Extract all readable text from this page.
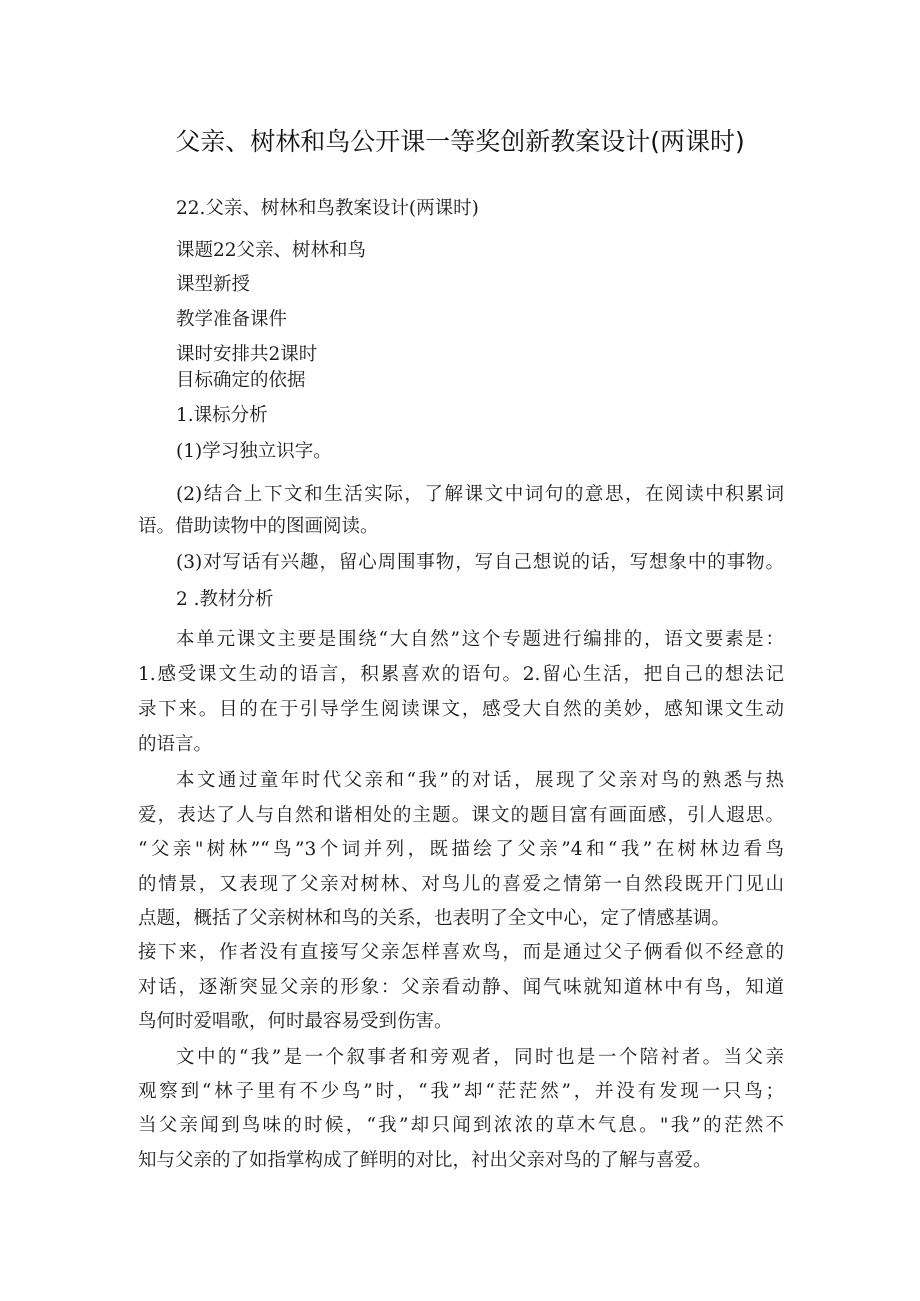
父亲、树林和鸟公开课一等奖创新教案设计(两课时)
22.父亲、树林和鸟教案设计(两课时)
课题22父亲、树林和鸟
课型新授
教学准备课件
课时安排共2课时
目标确定的依据
1.课标分析
(1)学习独立识字。
(2)结合上下文和生活实际，了解课文中词句的意思，在阅读中积累词
语。借助读物中的图画阅读。
(3)对写话有兴趣，留心周围事物，写自己想说的话，写想象中的事物。
2 .教材分析
本单元课文主要是围绕“大自然”这个专题进行编排的，语文要素是：
1.感受课文生动的语言，积累喜欢的语句。2.留心生活，把自己的想法记
录下来。目的在于引导学生阅读课文，感受大自然的美妙，感知课文生动
的语言。
本文通过童年时代父亲和“我”的对话，展现了父亲对鸟的熟悉与热
爱，表达了人与自然和谐相处的主题。课文的题目富有画面感，引人遐思。
“父亲"树林”“鸟”3个词并列，既描绘了父亲”4和“我”在树林边看鸟
的情景，又表现了父亲对树林、对鸟儿的喜爱之情第一自然段既开门见山
点题，概括了父亲树林和鸟的关系，也表明了全文中心，定了情感基调。
接下来，作者没有直接写父亲怎样喜欢鸟，而是通过父子俩看似不经意的
对话，逐渐突显父亲的形象：父亲看动静、闻气味就知道林中有鸟，知道
鸟何时爱唱歌，何时最容易受到伤害。
文中的“我”是一个叙事者和旁观者，同时也是一个陪衬者。当父亲
观察到“林子里有不少鸟”时，“我”却“茫茫然”，并没有发现一只鸟；
当父亲闻到鸟味的时候，“我”却只闻到浓浓的草木气息。"我”的茫然不
知与父亲的了如指掌构成了鲜明的对比，衬出父亲对鸟的了解与喜爱。
